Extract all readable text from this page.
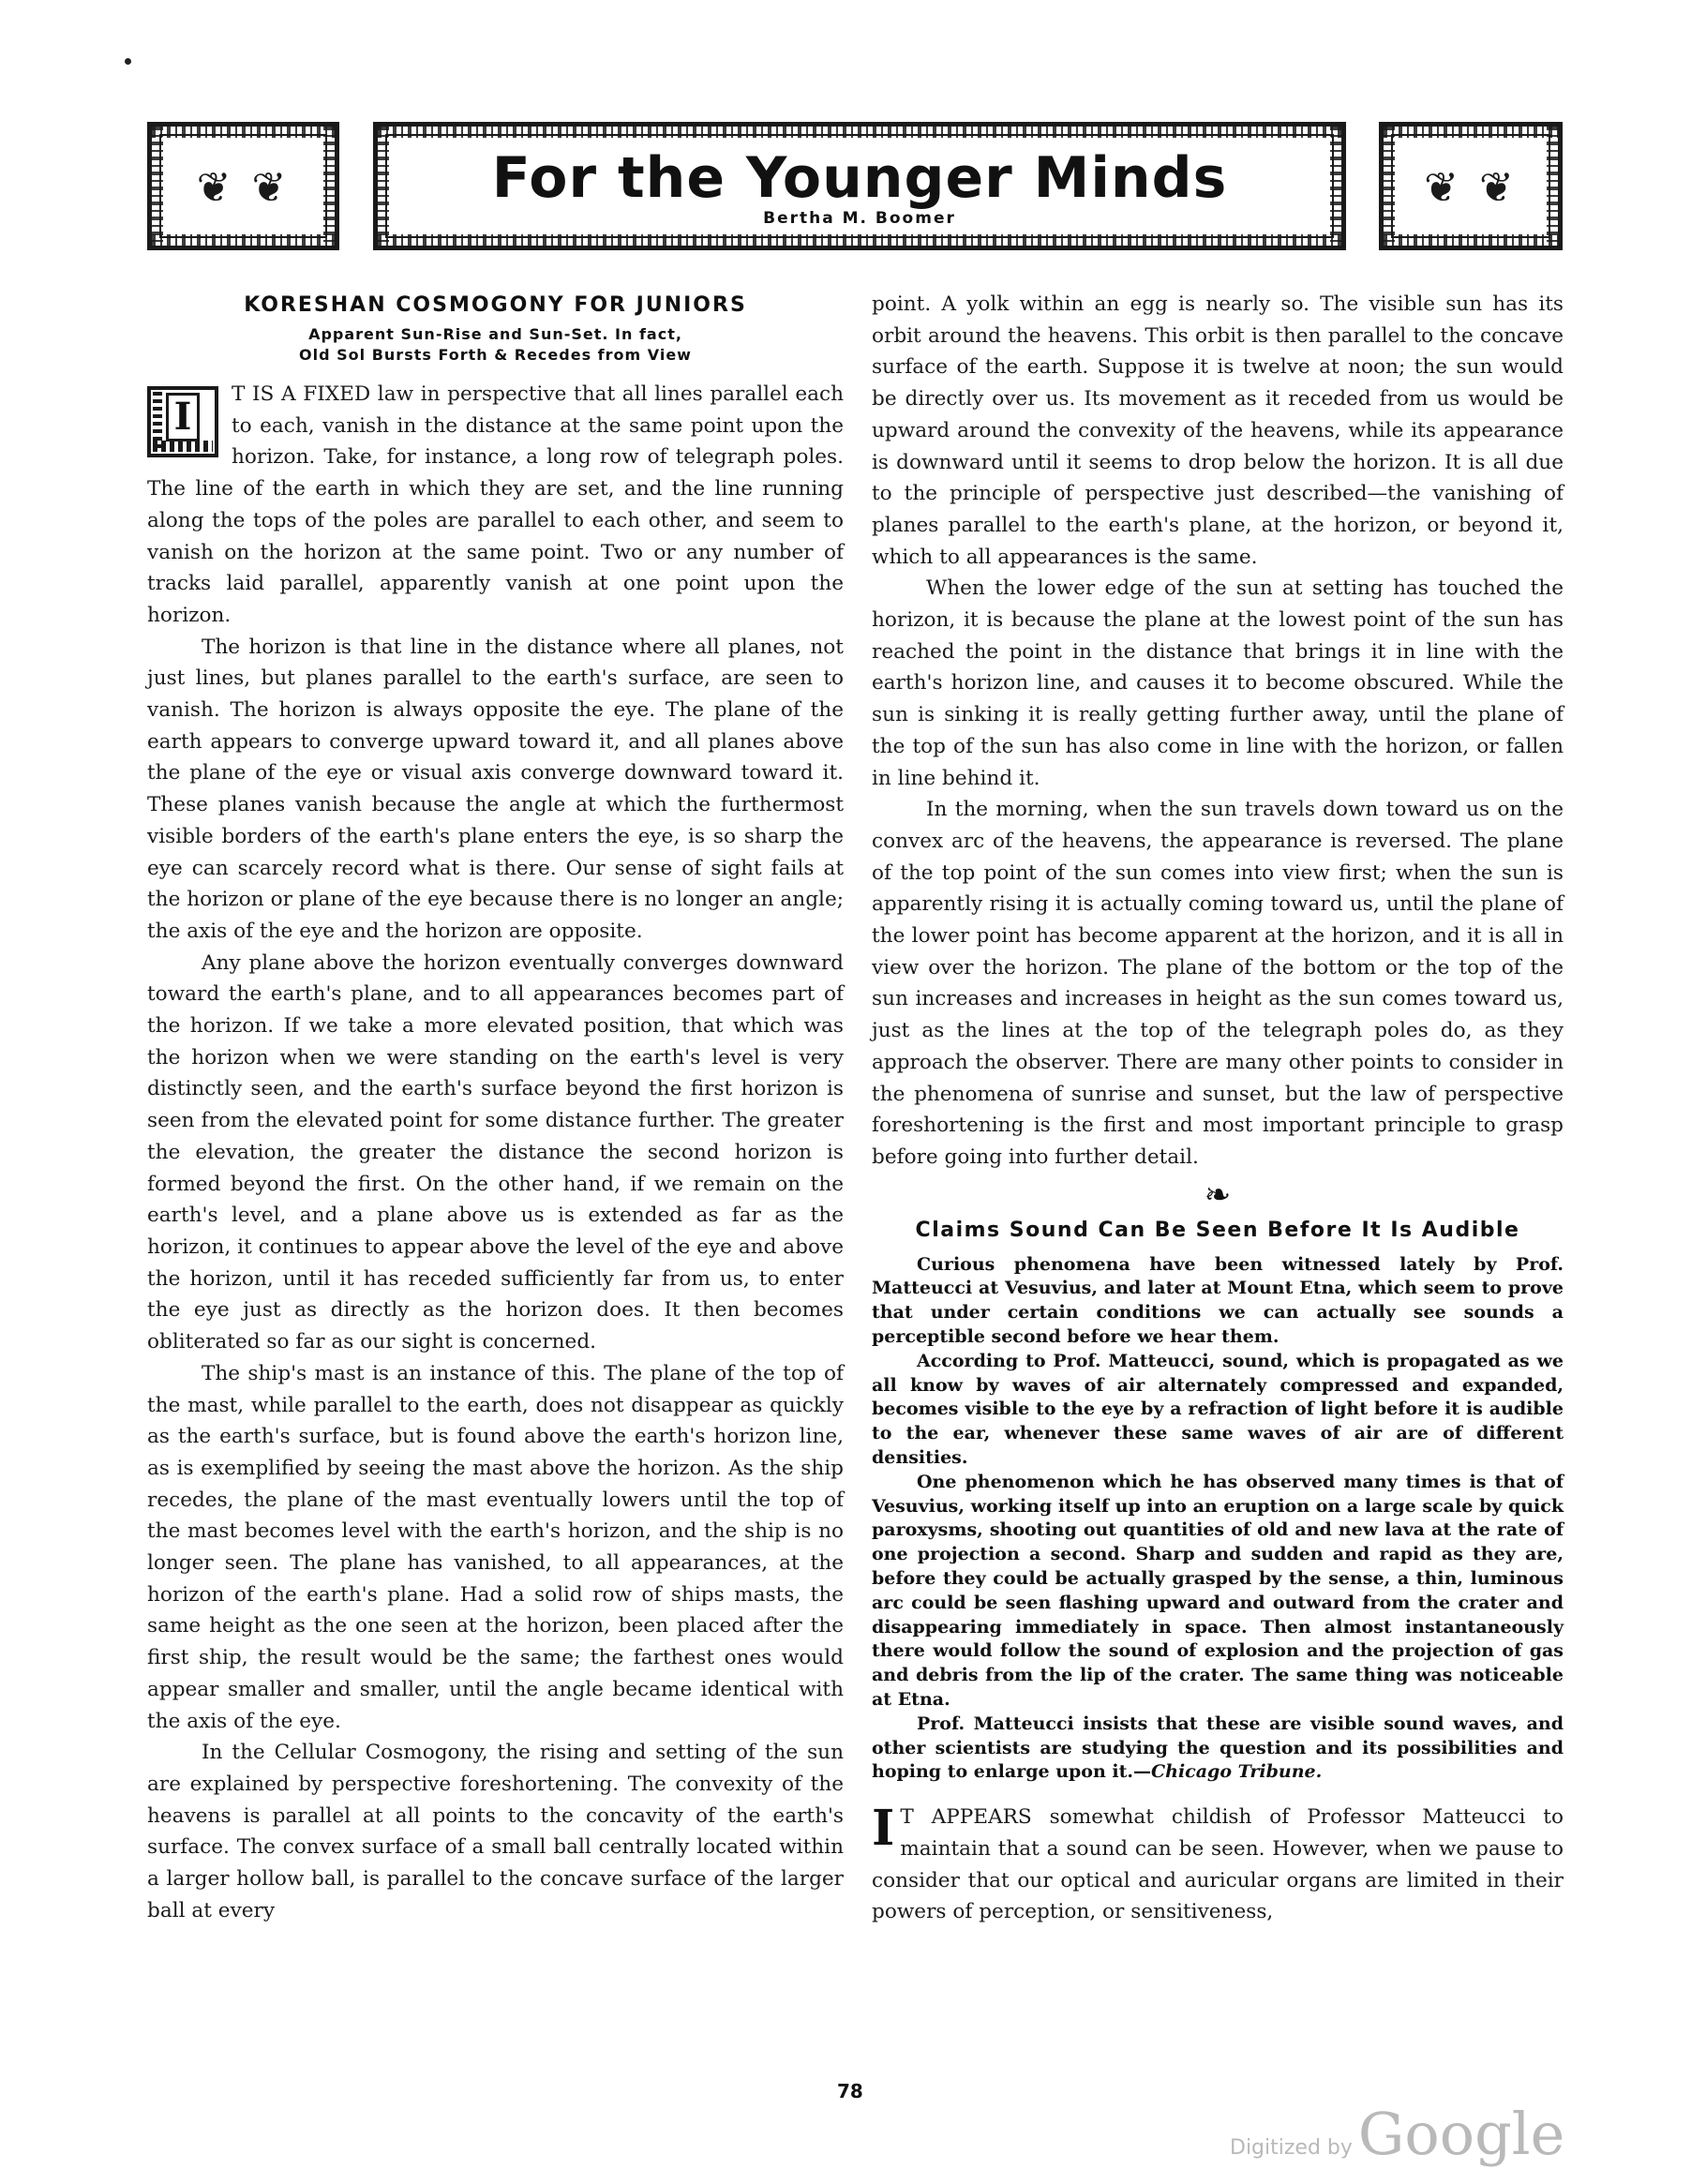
❦ ❦	For the Younger Minds
Bertha M. Boomer
❦ ❦
KORESHAN COSMOGONY FOR JUNIORS
Apparent Sun-Rise and Sun-Set. In fact,
Old Sol Bursts Forth & Recedes from View
I

T IS A FIXED law in perspective that all lines parallel each to each, vanish in the distance at the same point upon the horizon. Take, for instance, a long row of telegraph poles. The line of the earth in which they are set, and the line running along the tops of the poles are parallel to each other, and seem to vanish on the horizon at the same point. Two or any number of tracks laid parallel, apparently vanish at one point upon the horizon.

The horizon is that line in the distance where all planes, not just lines, but planes parallel to the earth's surface, are seen to vanish. The horizon is always opposite the eye. The plane of the earth appears to converge upward toward it, and all planes above the plane of the eye or visual axis converge downward toward it. These planes vanish because the angle at which the furthermost visible borders of the earth's plane enters the eye, is so sharp the eye can scarcely record what is there. Our sense of sight fails at the horizon or plane of the eye because there is no longer an angle; the axis of the eye and the horizon are opposite.

Any plane above the horizon eventually converges downward toward the earth's plane, and to all appearances becomes part of the horizon. If we take a more elevated position, that which was the horizon when we were standing on the earth's level is very distinctly seen, and the earth's surface beyond the first horizon is seen from the elevated point for some distance further. The greater the elevation, the greater the distance the second horizon is formed beyond the first. On the other hand, if we remain on the earth's level, and a plane above us is extended as far as the horizon, it continues to appear above the level of the eye and above the horizon, until it has receded sufficiently far from us, to enter the eye just as directly as the horizon does. It then becomes obliterated so far as our sight is concerned.

The ship's mast is an instance of this. The plane of the top of the mast, while parallel to the earth, does not disappear as quickly as the earth's surface, but is found above the earth's horizon line, as is exemplified by seeing the mast above the horizon. As the ship recedes, the plane of the mast eventually lowers until the top of the mast becomes level with the earth's horizon, and the ship is no longer seen. The plane has vanished, to all appearances, at the horizon of the earth's plane. Had a solid row of ships masts, the same height as the one seen at the horizon, been placed after the first ship, the result would be the same; the farthest ones would appear smaller and smaller, until the angle became identical with the axis of the eye.

In the Cellular Cosmogony, the rising and setting of the sun are explained by perspective foreshortening. The convexity of the heavens is parallel at all points to the concavity of the earth's surface. The convex surface of a small ball centrally located within a larger hollow ball, is parallel to the concave surface of the larger ball at every

point. A yolk within an egg is nearly so. The visible sun has its orbit around the heavens. This orbit is then parallel to the concave surface of the earth. Suppose it is twelve at noon; the sun would be directly over us. Its movement as it receded from us would be upward around the convexity of the heavens, while its appearance is downward until it seems to drop below the horizon. It is all due to the principle of perspective just described—the vanishing of planes parallel to the earth's plane, at the horizon, or beyond it, which to all appearances is the same.

When the lower edge of the sun at setting has touched the horizon, it is because the plane at the lowest point of the sun has reached the point in the distance that brings it in line with the earth's horizon line, and causes it to become obscured. While the sun is sinking it is really getting further away, until the plane of the top of the sun has also come in line with the horizon, or fallen in line behind it.

In the morning, when the sun travels down toward us on the convex arc of the heavens, the appearance is reversed. The plane of the top point of the sun comes into view first; when the sun is apparently rising it is actually coming toward us, until the plane of the lower point has become apparent at the horizon, and it is all in view over the horizon. The plane of the bottom or the top of the sun increases and increases in height as the sun comes toward us, just as the lines at the top of the telegraph poles do, as they approach the observer. There are many other points to consider in the phenomena of sunrise and sunset, but the law of perspective foreshortening is the first and most important principle to grasp before going into further detail.

❧
Claims Sound Can Be Seen Before It Is Audible

Curious phenomena have been witnessed lately by Prof. Matteucci at Vesuvius, and later at Mount Etna, which seem to prove that under certain conditions we can actually see sounds a perceptible second before we hear them.

According to Prof. Matteucci, sound, which is propagated as we all know by waves of air alternately compressed and expanded, becomes visible to the eye by a refraction of light before it is audible to the ear, whenever these same waves of air are of different densities.

One phenomenon which he has observed many times is that of Vesuvius, working itself up into an eruption on a large scale by quick paroxysms, shooting out quantities of old and new lava at the rate of one projection a second. Sharp and sudden and rapid as they are, before they could be actually grasped by the sense, a thin, luminous arc could be seen flashing upward and outward from the crater and disappearing immediately in space. Then almost instantaneously there would follow the sound of explosion and the projection of gas and debris from the lip of the crater. The same thing was noticeable at Etna.

Prof. Matteucci insists that these are visible sound waves, and other scientists are studying the question and its possibilities and hoping to enlarge upon it.—Chicago Tribune.

I T APPEARS somewhat childish of Professor Matteucci to maintain that a sound can be seen. However, when we pause to consider that our optical and auricular organs are limited in their powers of perception, or sensitiveness,

78
Digitized byGoogle
